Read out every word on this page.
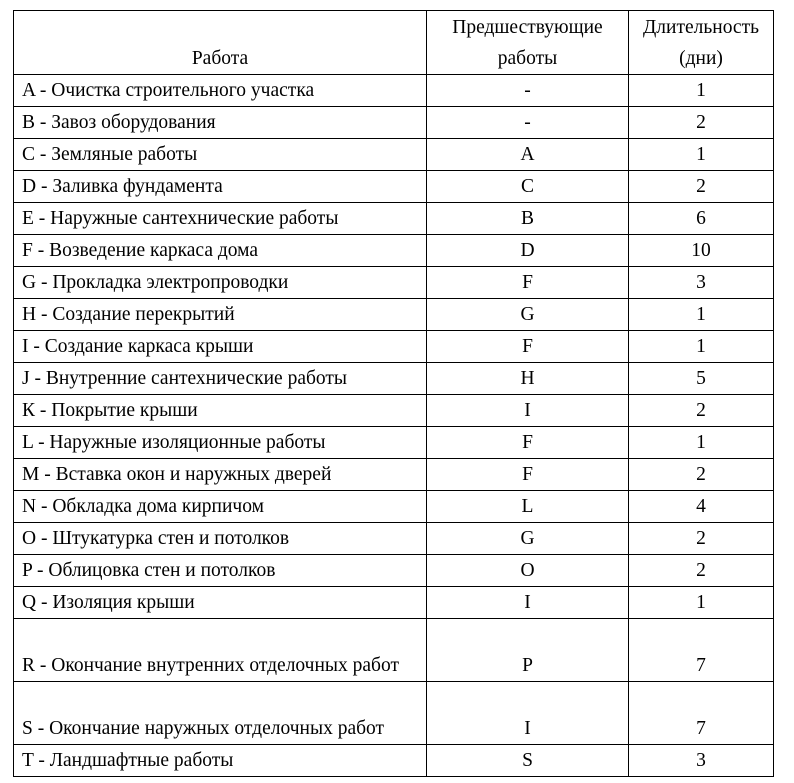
Работа	Предшествующие работы	Длительность (дни)
A - Очистка строительного участка	-	1
B - Завоз оборудования	-	2
C - Земляные работы	A	1
D - Заливка фундамента	C	2
E - Наружные сантехнические работы	B	6
F - Возведение каркаса дома	D	10
G - Прокладка электропроводки	F	3
H - Создание перекрытий	G	1
I - Создание каркаса крыши	F	1
J - Внутренние сантехнические работы	H	5
К - Покрытие крыши	I	2
L - Наружные изоляционные работы	F	1
M - Вставка окон и наружных дверей	F	2
N - Обкладка дома кирпичом	L	4
O - Штукатурка стен и потолков	G	2
P - Облицовка стен и потолков	O	2
Q - Изоляция крыши	I	1
R - Окончание внутренних отделочных работ	P	7
S - Окончание наружных отделочных работ	I	7
T - Ландшафтные работы	S	3
